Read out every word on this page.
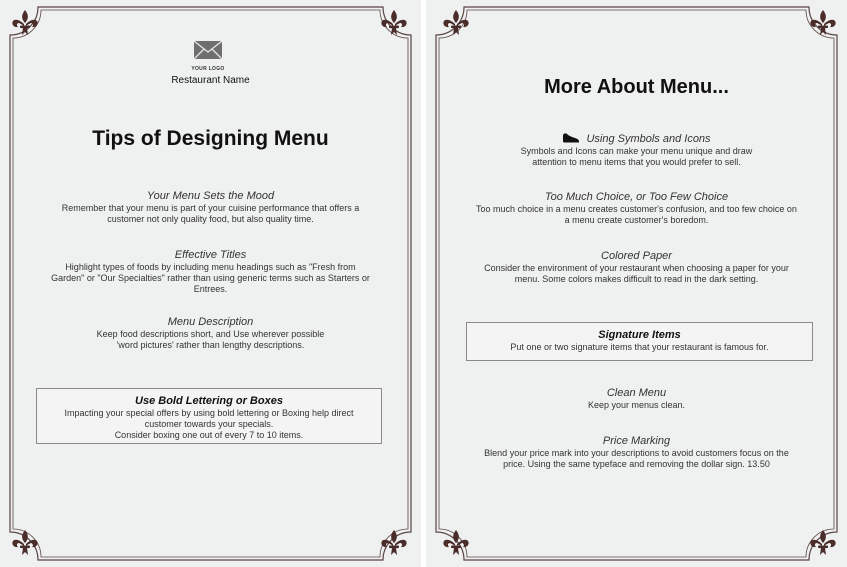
YOUR LOGO
Restaurant Name
Tips of Designing Menu
Your Menu Sets the Mood
Remember that your menu is part of your cuisine performance that offers a
customer not only quality food, but also quality time.
Effective Titles
Highlight types of foods by including menu headings such as "Fresh from
Garden" or "Our Specialties" rather than using generic terms such as Starters or
Entrees.
Menu Description
Keep food descriptions short, and Use wherever possible
'word pictures' rather than lengthy descriptions.
Use Bold Lettering or Boxes
Impacting your special offers by using bold lettering or Boxing help direct
customer towards your specials.
Consider boxing one out of every 7 to 10 items.
More About Menu...
Using Symbols and Icons
Symbols and Icons can make your menu unique and draw
attention to menu items that you would prefer to sell.
Too Much Choice, or Too Few Choice
Too much choice in a menu creates customer's confusion, and too few choice on
a menu create customer's boredom.
Colored Paper
Consider the environment of your restaurant when choosing a paper for your
menu. Some colors makes difficult to read in the dark setting.
Signature Items
Put one or two signature items that your restaurant is famous for.
Clean Menu
Keep your menus clean.
Price Marking
Blend your price mark into your descriptions to avoid customers focus on the
price. Using the same typeface and removing the dollar sign. 13.50
